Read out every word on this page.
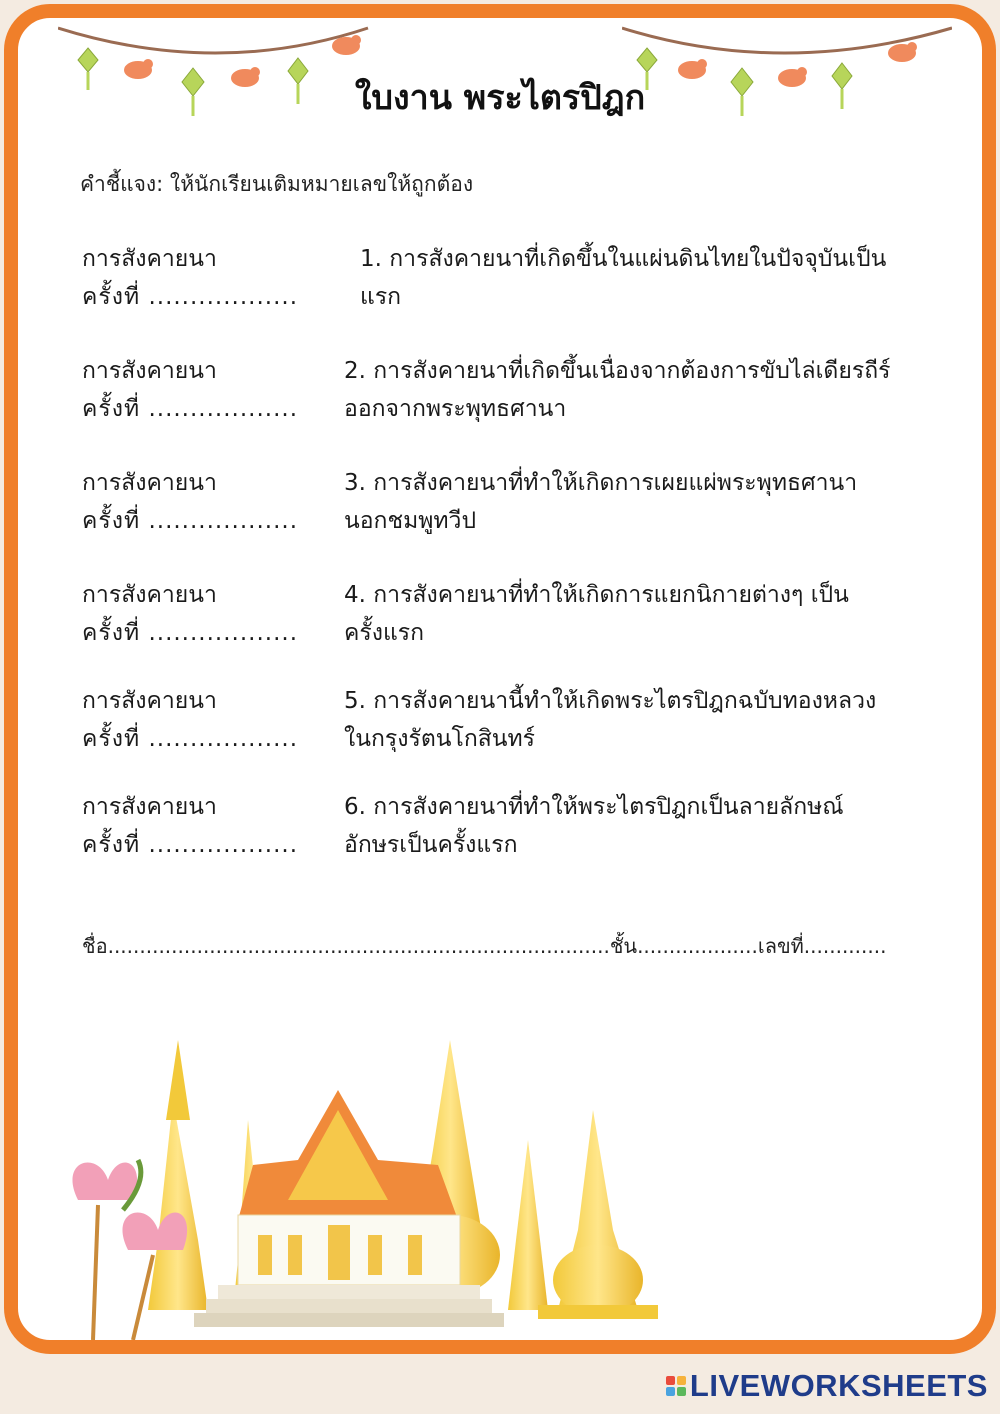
ใบงาน พระไตรปิฎก
คำชี้แจง: ให้นักเรียนเติมหมายเลขให้ถูกต้อง
การสังคายนา
ครั้งที่ ..................
1. การสังคายนาที่เกิดขึ้นในแผ่นดินไทยในปัจจุบันเป็น
แรก
การสังคายนา
ครั้งที่ ..................
2. การสังคายนาที่เกิดขึ้นเนื่องจากต้องการขับไล่เดียรถีร์
ออกจากพระพุทธศานา
การสังคายนา
ครั้งที่ ..................
3. การสังคายนาที่ทำให้เกิดการเผยแผ่พระพุทธศานา
นอกชมพูทวีป
การสังคายนา
ครั้งที่ ..................
4. การสังคายนาที่ทำให้เกิดการแยกนิกายต่างๆ เป็น
ครั้งแรก
การสังคายนา
ครั้งที่ ..................
5. การสังคายนานี้ทำให้เกิดพระไตรปิฎกฉบับทองหลวง
ในกรุงรัตนโกสินทร์
การสังคายนา
ครั้งที่ ..................
6. การสังคายนาที่ทำให้พระไตรปิฎกเป็นลายลักษณ์
อักษรเป็นครั้งแรก
ชื่อ...............................................................................ชั้น...................เลขที่.............
LIVEWORKSHEETS
